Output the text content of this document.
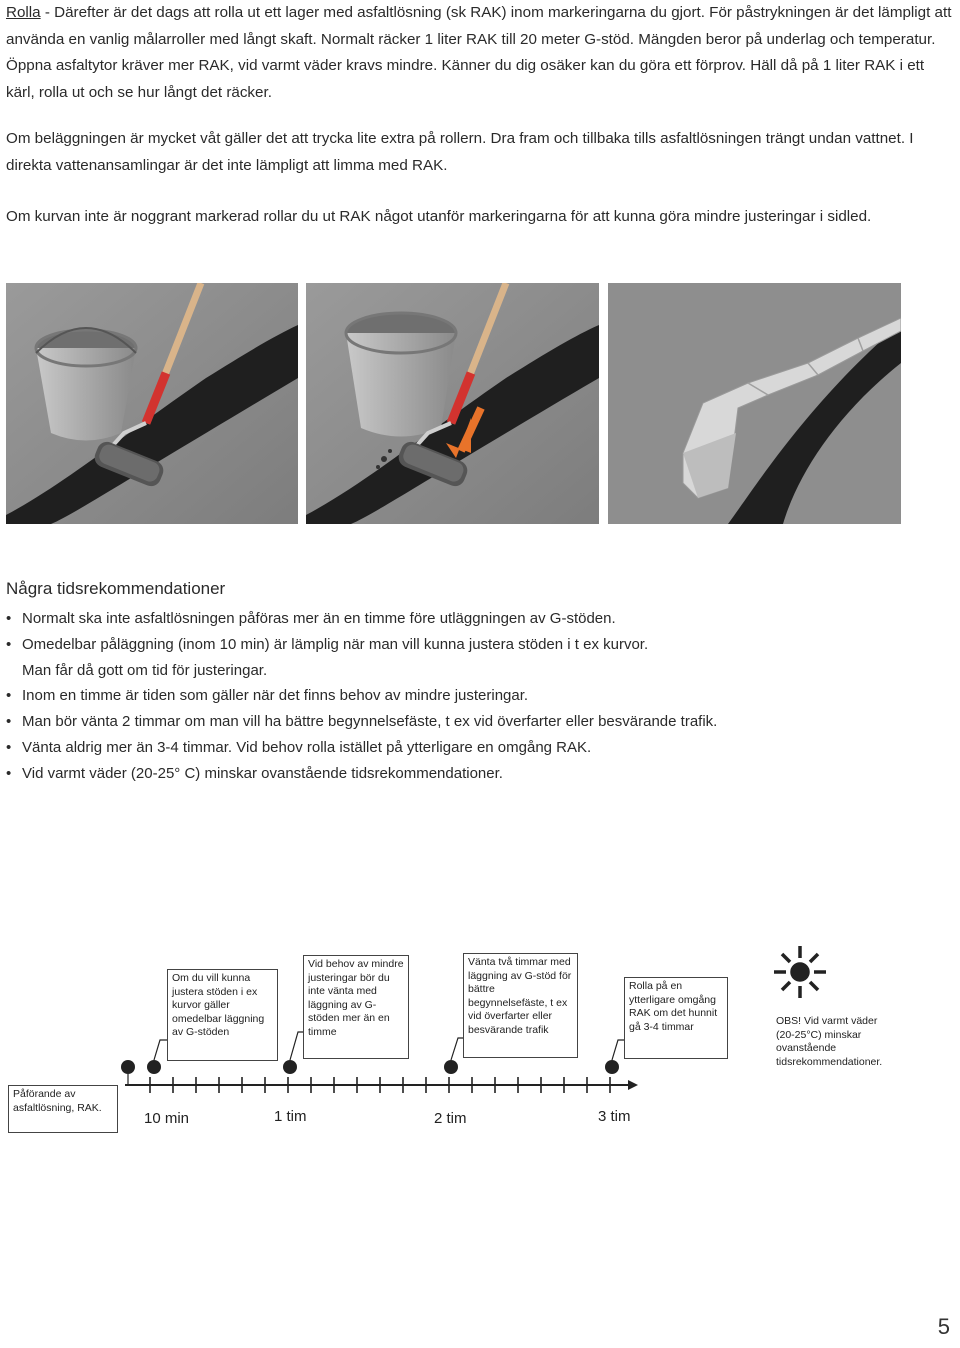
Rolla - Därefter är det dags att rolla ut ett lager med asfaltlösning (sk RAK) inom markeringarna du gjort. För påstrykningen är det lämpligt att använda en vanlig målarroller med långt skaft. Normalt räcker 1 liter RAK till 20 meter G-stöd. Mängden beror på underlag och temperatur. Öppna asfaltytor kräver mer RAK, vid varmt väder kravs mindre. Känner du dig osäker kan du göra ett förprov. Häll då på 1 liter RAK i ett kärl, rolla ut och se hur långt det räcker.

Om beläggningen är mycket våt gäller det att trycka lite extra på rollern. Dra fram och tillbaka tills asfaltlösningen trängt undan vattnet. I direkta vattenansamlingar är det inte lämpligt att limma med RAK.

Om kurvan inte är noggrant markerad rollar du ut RAK något utanför markeringarna för att kunna göra mindre justeringar i sidled.

Några tidsrekommendationer
• Normalt ska inte asfaltlösningen påföras mer än en timme före utläggningen av G-stöden.
• Omedelbar påläggning (inom 10 min) är lämplig när man vill kunna justera stöden i t ex kurvor.
Man får då gott om tid för justeringar.
• Inom en timme är tiden som gäller när det finns behov av mindre justeringar.
• Man bör vänta 2 timmar om man vill ha bättre begynnelsefäste, t ex vid överfarter eller besvärande trafik.
• Vänta aldrig mer än 3-4 timmar. Vid behov rolla istället på ytterligare en omgång RAK.
• Vid varmt väder (20-25° C) minskar ovanstående tidsrekommendationer.
Påförande av asfaltlösning, RAK.
Om du vill kunna justera stöden i ex kurvor gäller omedelbar läggning av G-stöden
Vid behov av mindre justeringar bör du inte vänta med läggning av G-stöden mer än en timme
Vänta två timmar med läggning av G-stöd för bättre begynnelsefäste, t ex vid överfarter eller besvärande trafik
Rolla på en ytterligare omgång RAK om det hunnit gå 3-4 timmar
10 min	1 tim	2 tim	3 tim
OBS! Vid varmt väder (20-25°C) minskar ovanstående tidsrekommendationer.
5
